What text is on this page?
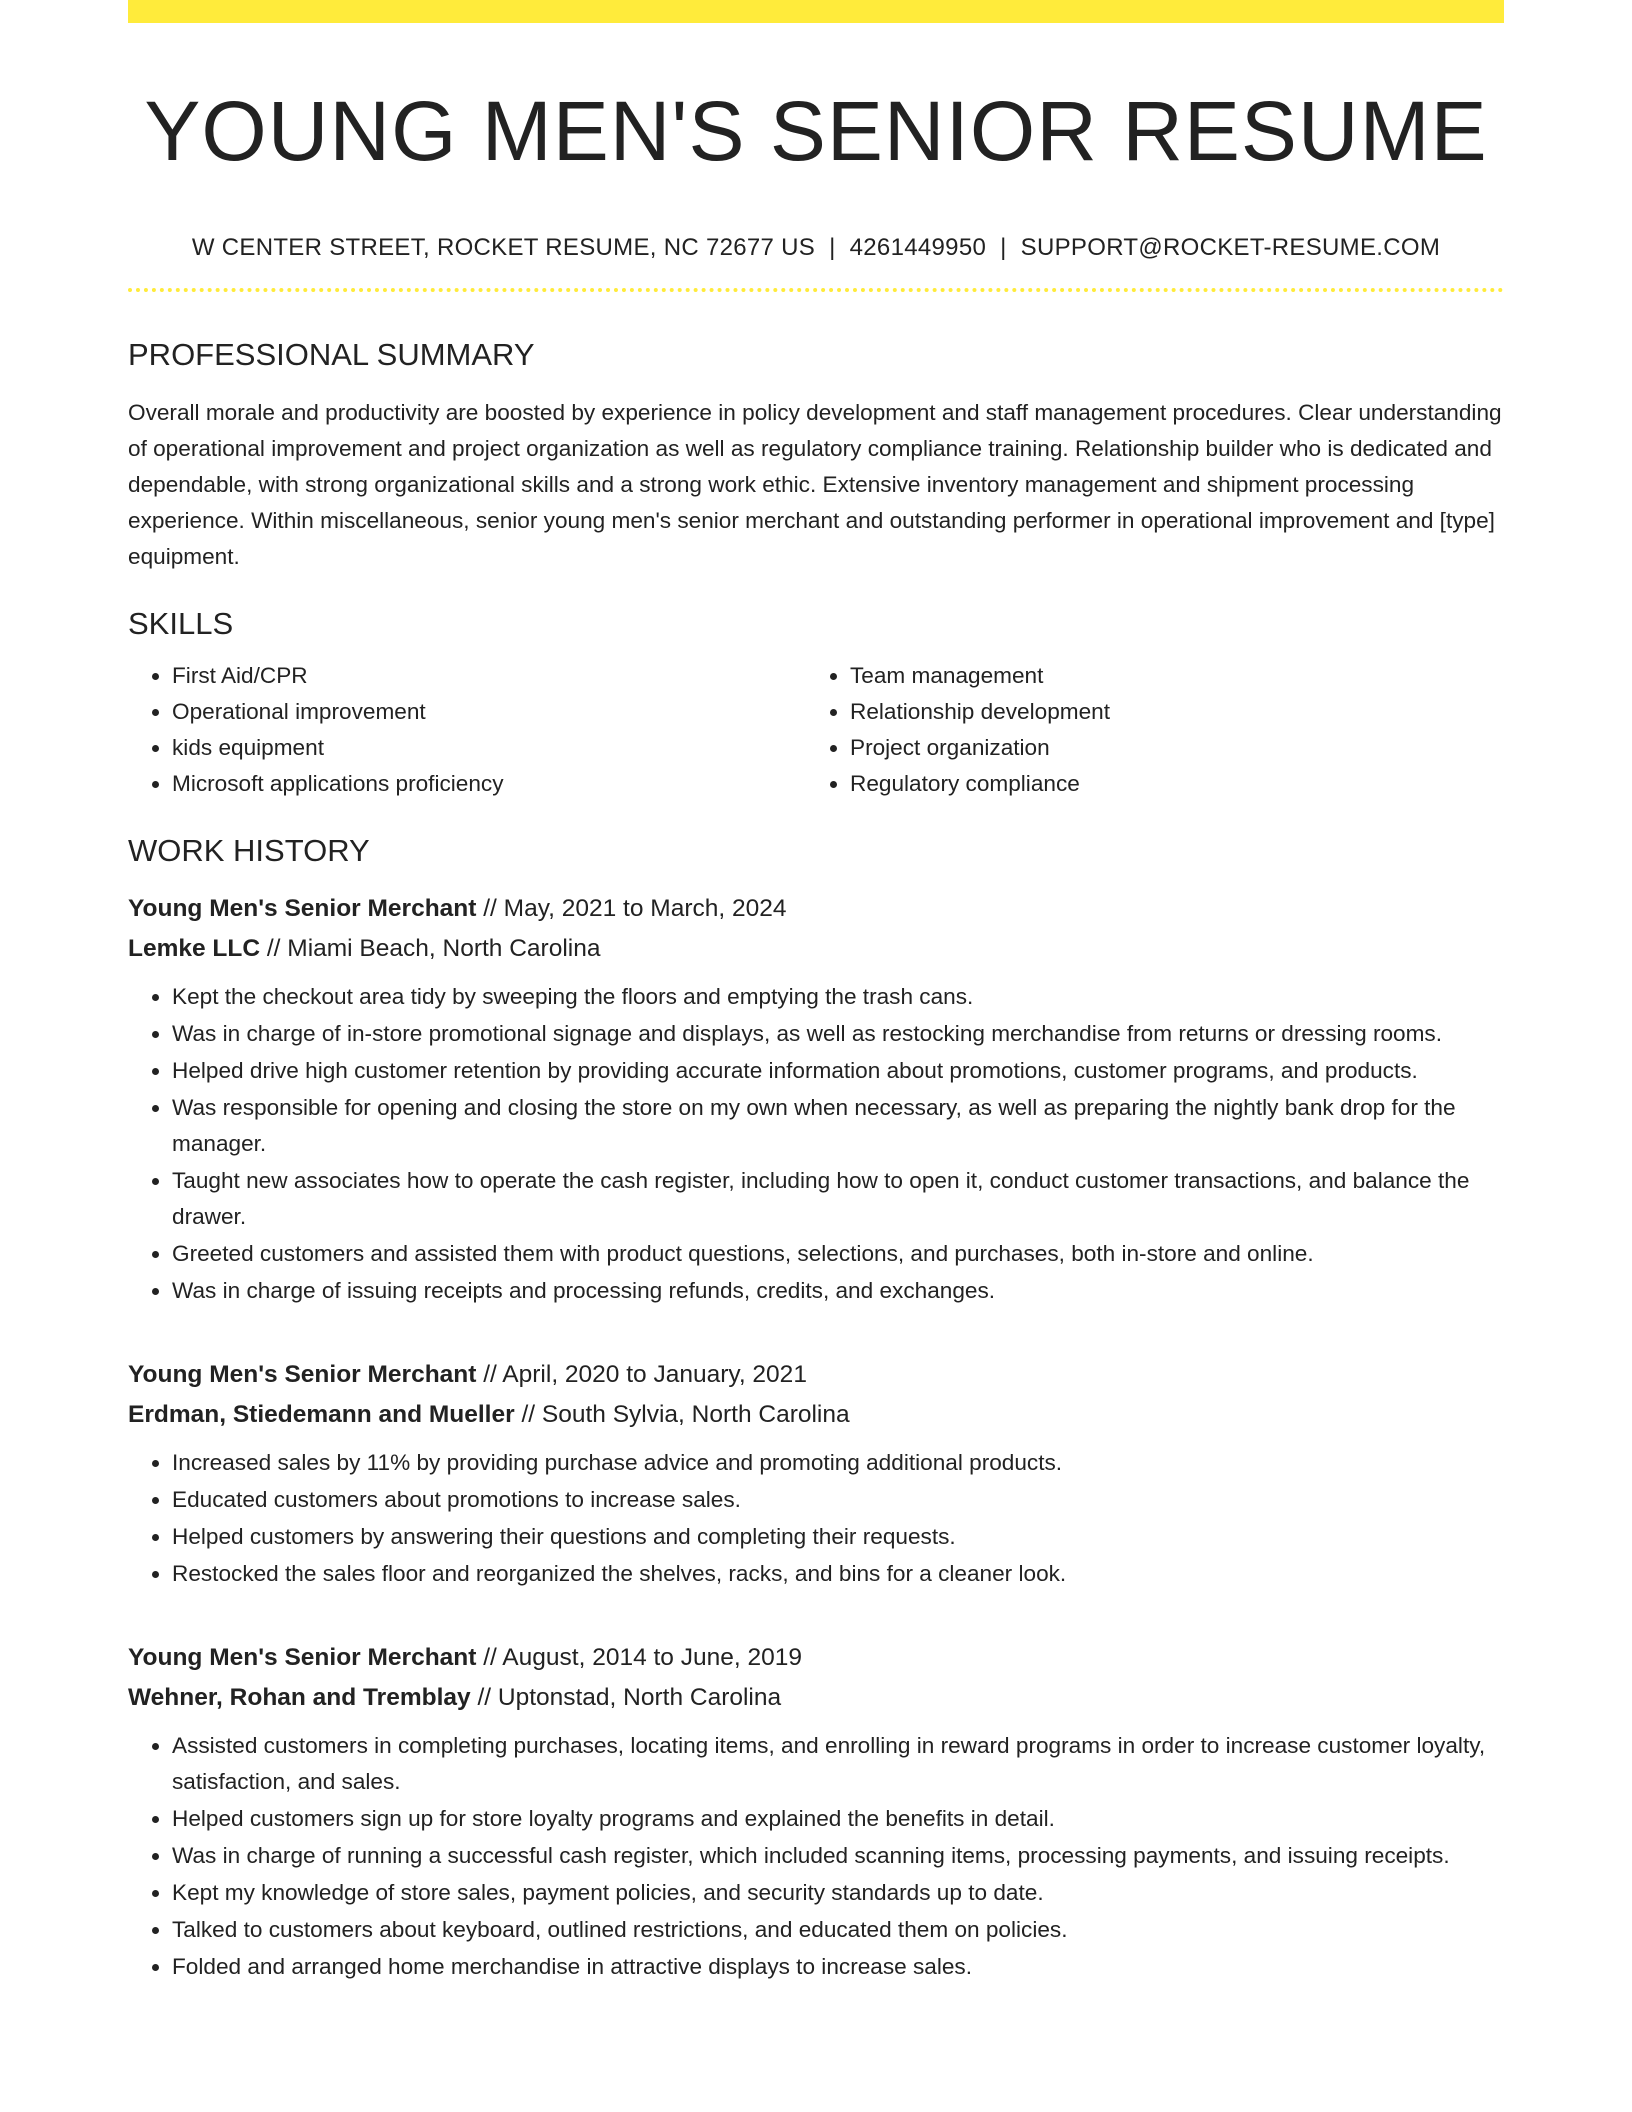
YOUNG MEN'S SENIOR RESUME
W CENTER STREET, ROCKET RESUME, NC 72677 US | 4261449950 | SUPPORT@ROCKET-RESUME.COM
PROFESSIONAL SUMMARY

Overall morale and productivity are boosted by experience in policy development and staff management procedures. Clear understanding of operational improvement and project organization as well as regulatory compliance training. Relationship builder who is dedicated and dependable, with strong organizational skills and a strong work ethic. Extensive inventory management and shipment processing experience. Within miscellaneous, senior young men's senior merchant and outstanding performer in operational improvement and [type] equipment.

SKILLS
• First Aid/CPR
• Operational improvement
• kids equipment
• Microsoft applications proficiency
• Team management
• Relationship development
• Project organization
• Regulatory compliance
WORK HISTORY
Young Men's Senior Merchant // May, 2021 to March, 2024
Lemke LLC // Miami Beach, North Carolina
• Kept the checkout area tidy by sweeping the floors and emptying the trash cans.
• Was in charge of in-store promotional signage and displays, as well as restocking merchandise from returns or dressing rooms.
• Helped drive high customer retention by providing accurate information about promotions, customer programs, and products.
• Was responsible for opening and closing the store on my own when necessary, as well as preparing the nightly bank drop for the manager.
• Taught new associates how to operate the cash register, including how to open it, conduct customer transactions, and balance the drawer.
• Greeted customers and assisted them with product questions, selections, and purchases, both in-store and online.
• Was in charge of issuing receipts and processing refunds, credits, and exchanges.
Young Men's Senior Merchant // April, 2020 to January, 2021
Erdman, Stiedemann and Mueller // South Sylvia, North Carolina
• Increased sales by 11% by providing purchase advice and promoting additional products.
• Educated customers about promotions to increase sales.
• Helped customers by answering their questions and completing their requests.
• Restocked the sales floor and reorganized the shelves, racks, and bins for a cleaner look.
Young Men's Senior Merchant // August, 2014 to June, 2019
Wehner, Rohan and Tremblay // Uptonstad, North Carolina
• Assisted customers in completing purchases, locating items, and enrolling in reward programs in order to increase customer loyalty, satisfaction, and sales.
• Helped customers sign up for store loyalty programs and explained the benefits in detail.
• Was in charge of running a successful cash register, which included scanning items, processing payments, and issuing receipts.
• Kept my knowledge of store sales, payment policies, and security standards up to date.
• Talked to customers about keyboard, outlined restrictions, and educated them on policies.
• Folded and arranged home merchandise in attractive displays to increase sales.
